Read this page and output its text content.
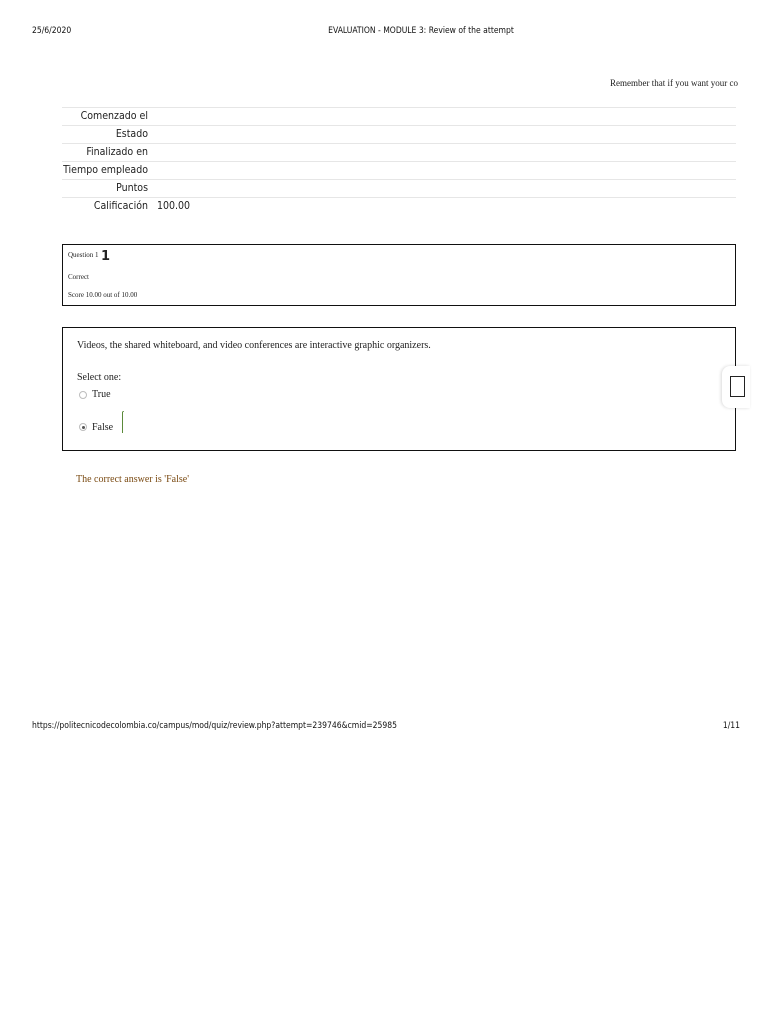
25/6/2020	EVALUATION - MODULE 3: Review of the attempt
Remember that if you want your co
Comenzado el	
Estado	
Finalizado en	
Tiempo empleado	
Puntos	
Calificación	100.00
Question 1 1
Correct
Score 10.00 out of 10.00
Videos, the shared whiteboard, and video conferences are interactive graphic organizers.
Select one:
True
False
The correct answer is 'False'
https://politecnicodecolombia.co/campus/mod/quiz/review.php?attempt=239746&cmid=25985	1/11
